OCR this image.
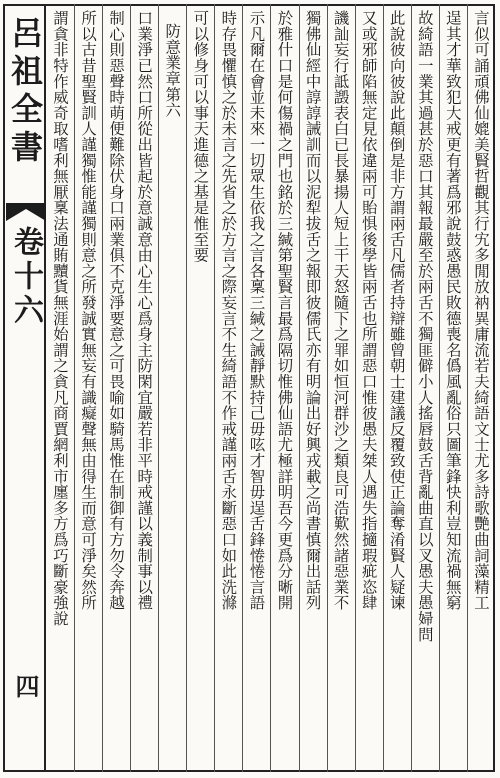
呂祖全書
卷十六
四
言似可誦頑佛仙媲美賢哲觀其行宄多閒放衲異庸流若夫綺語文士尤多詩歌艷曲詞藻精工
逞其才華致犯大戒更有著爲邪說鼓惑愚民敗德喪名僞風亂俗只圖筆鋒快利豈知流禍無窮
故綺語一業其過甚於惡口其報最嚴至於兩舌不獨匪僻小人搖唇鼓舌背亂曲直以叉愚夫愚婦問
此說彼向彼說此顛倒是非方謂兩舌凡儒者持辯雖曾朝士建議反覆致使正論奪淆賢人疑谏
又或邪師陷無定見依違兩可貽惧後學皆兩舌也所謂惡口惟彼愚夫桀人遇失指擿瑕疵恣肆
譏訕妄行詆譭表白已長暴揚人短上干天怒隨下之罪如恒河群沙之類良可浩歎然諸惡業不
獨佛仙經中諄諄誡訓而以泥犁拔舌之報即彼儒氏亦有明論出好興戎載之尚書慎爾出話列
於雅什口是何傷禍之門也銘於三緘第聖賢言最爲隔切惟佛仙語尤極詳明吾今更爲分晰開
示凡爾在會並未來一切眾生依我之言各稟三緘之誡靜默持己毋呟才智毋逞舌鋒惓惓言語
時存畏懼慎之於未言之先省之於方言之際妄言不生綺語不作戒謹兩舌永斷惡口如此洗滌
可以修身可以事天進德之基是惟至要
防意業章第六
口業淨已然口所從出皆起於意誠意由心生心爲身主防閑宜嚴若非平時戒謹以義制事以禮
制心則惡聲時萌便難除伏身口兩業俱不克淨要意之可畏喻如騎馬惟在制御有方勿令奔越
所以古昔聖賢訓人謹獨惟能謹獨則意之所發誠實無妄有識癡聲無由得生而意可淨矣然所
謂貪非特作威奇取嗜利無厭稟法通賄黷貨無涯始謂之貪凡商賈網利市廛多方爲巧斷豪強說
